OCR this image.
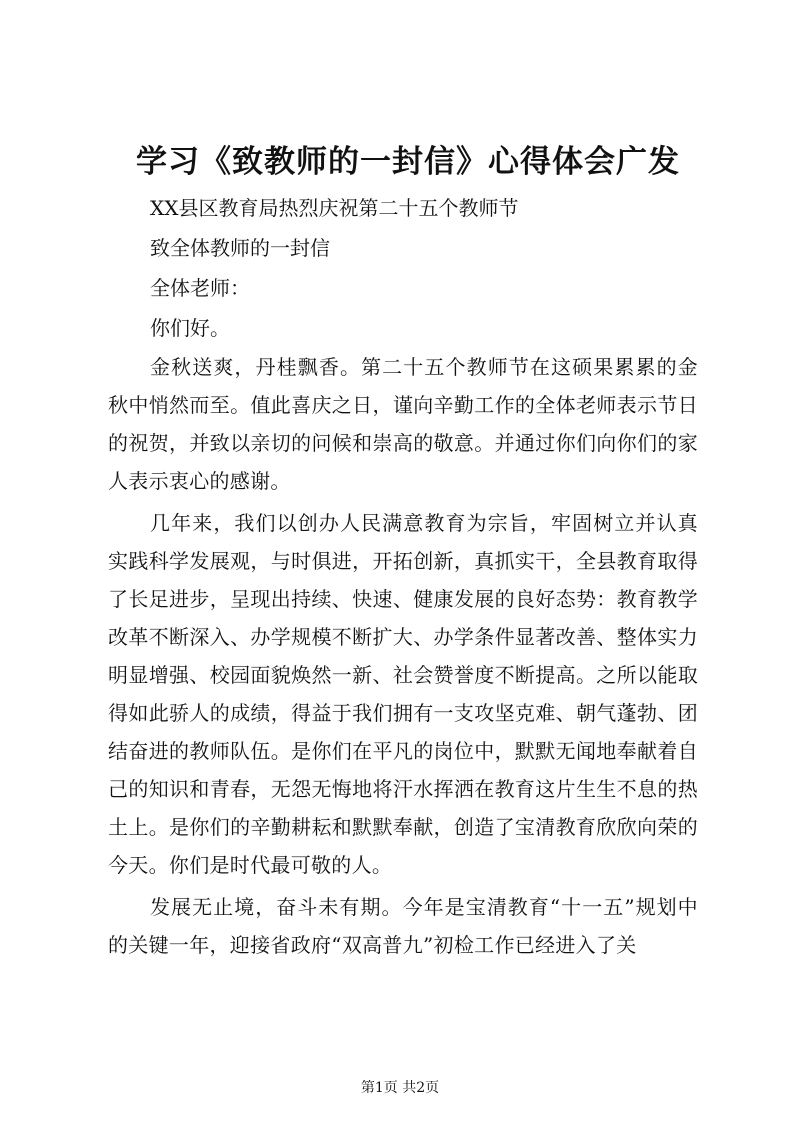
学习《致教师的一封信》心得体会广发

XX县区教育局热烈庆祝第二十五个教师节

致全体教师的一封信

全体老师：

你们好。

金秋送爽，丹桂飘香。第二十五个教师节在这硕果累累的金秋中悄然而至。值此喜庆之日，谨向辛勤工作的全体老师表示节日的祝贺，并致以亲切的问候和崇高的敬意。并通过你们向你们的家人表示衷心的感谢。

几年来，我们以创办人民满意教育为宗旨，牢固树立并认真实践科学发展观，与时俱进，开拓创新，真抓实干，全县教育取得了长足进步，呈现出持续、快速、健康发展的良好态势：教育教学改革不断深入、办学规模不断扩大、办学条件显著改善、整体实力明显增强、校园面貌焕然一新、社会赞誉度不断提高。之所以能取得如此骄人的成绩，得益于我们拥有一支攻坚克难、朝气蓬勃、团结奋进的教师队伍。是你们在平凡的岗位中，默默无闻地奉献着自己的知识和青春，无怨无悔地将汗水挥洒在教育这片生生不息的热土上。是你们的辛勤耕耘和默默奉献，创造了宝清教育欣欣向荣的今天。你们是时代最可敬的人。

发展无止境，奋斗未有期。今年是宝清教育“十一五”规划中的关键一年，迎接省政府“双高普九”初检工作已经进入了关

第1页 共2页
